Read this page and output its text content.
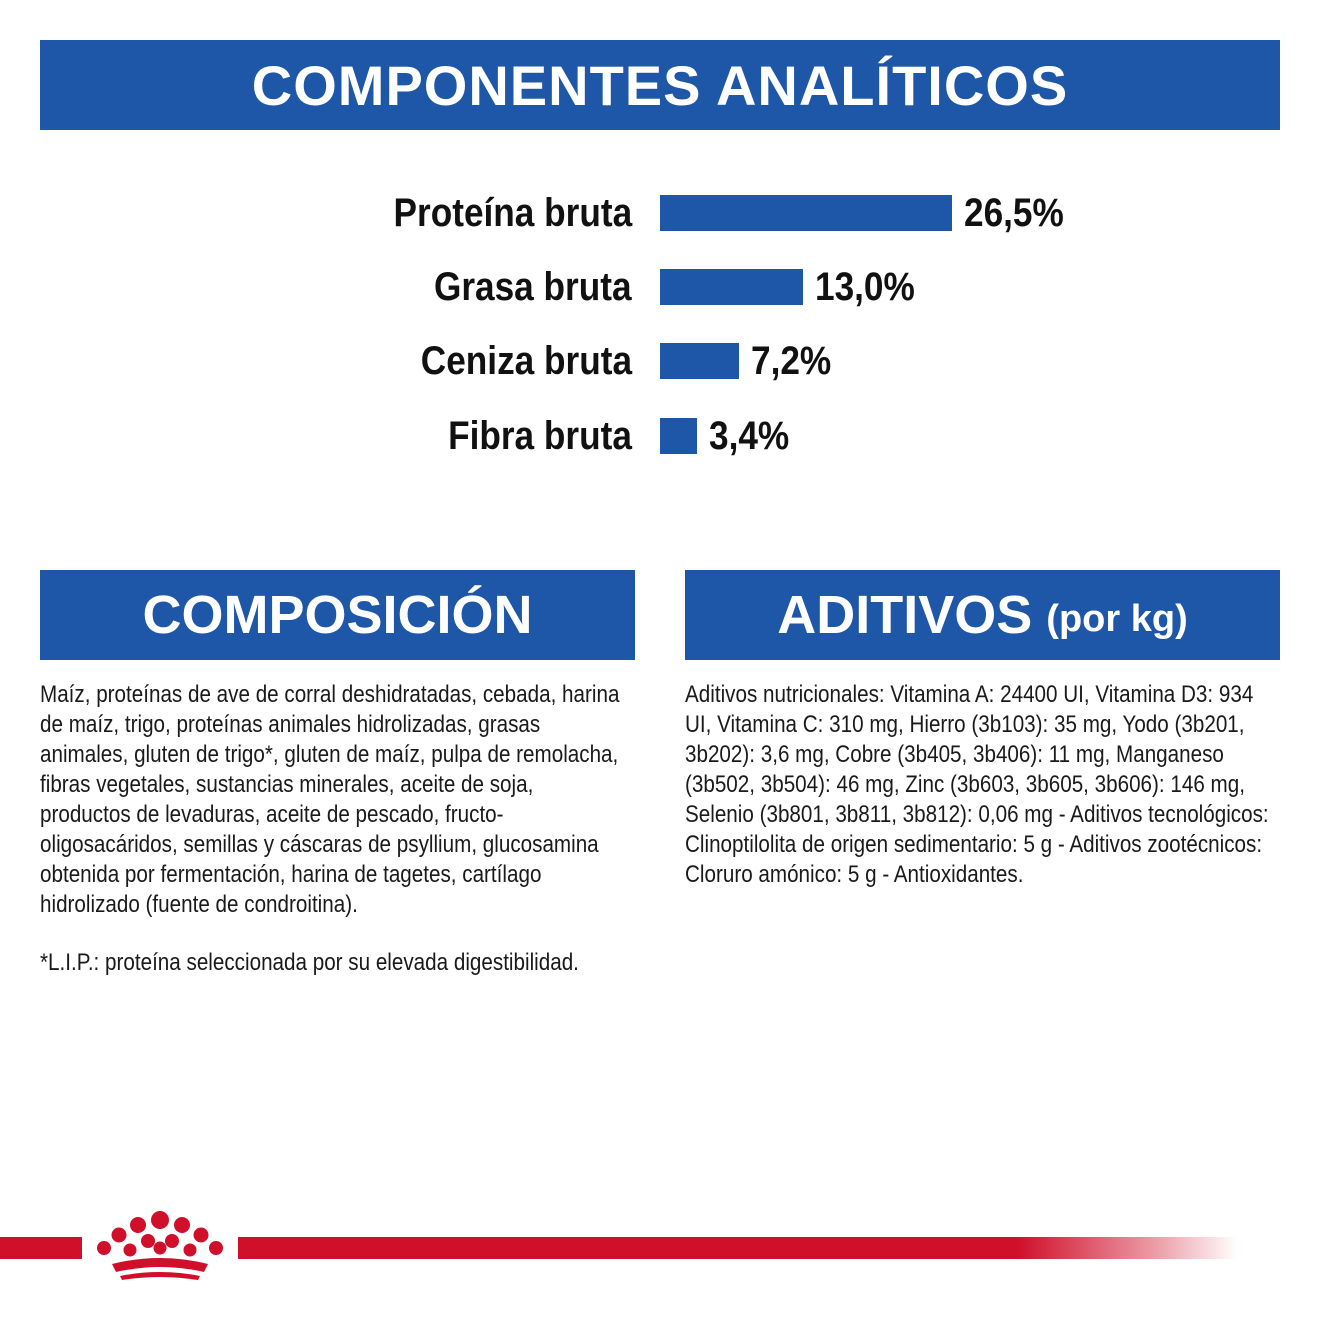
COMPONENTES ANALÍTICOS
Proteína bruta	26,5%
Grasa bruta	13,0%
Ceniza bruta	7,2%
Fibra bruta 3,4%
COMPOSICIÓN
Maíz, proteínas de ave de corral deshidratadas, cebada, harina de maíz, trigo, proteínas animales hidrolizadas, grasas animales, gluten de trigo*, gluten de maíz, pulpa de remolacha, fibras vegetales, sustancias minerales, aceite de soja, productos de levaduras, aceite de pescado, fructo-oligosacáridos, semillas y cáscaras de psyllium, glucosamina obtenida por fermentación, harina de tagetes, cartílago hidrolizado (fuente de condroitina).
*L.I.P.: proteína seleccionada por su elevada digestibilidad.
ADITIVOS (por kg)
Aditivos nutricionales: Vitamina A: 24400 UI, Vitamina D3: 934 UI, Vitamina C: 310 mg, Hierro (3b103): 35 mg, Yodo (3b201, 3b202): 3,6 mg, Cobre (3b405, 3b406): 11 mg, Manganeso (3b502, 3b504): 46 mg, Zinc (3b603, 3b605, 3b606): 146 mg, Selenio (3b801, 3b811, 3b812): 0,06 mg - Aditivos tecnológicos: Clinoptilolita de origen sedimentario: 5 g - Aditivos zootécnicos: Cloruro amónico: 5 g - Antioxidantes.
